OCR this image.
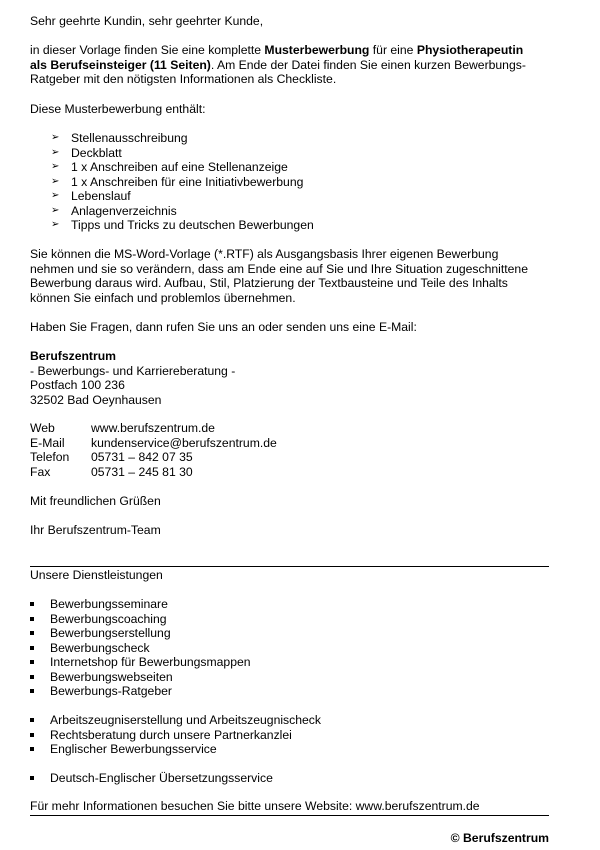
Sehr geehrte Kundin, sehr geehrter Kunde,
in dieser Vorlage finden Sie eine komplette Musterbewerbung für eine Physiotherapeutin
als Berufseinsteiger (11 Seiten). Am Ende der Datei finden Sie einen kurzen Bewerbungs-
Ratgeber mit den nötigsten Informationen als Checkliste.
Diese Musterbewerbung enthält:
➢ Stellenausschreibung
➢ Deckblatt
➢ 1 x Anschreiben auf eine Stellenanzeige
➢ 1 x Anschreiben für eine Initiativbewerbung
➢ Lebenslauf
➢ Anlagenverzeichnis
➢ Tipps und Tricks zu deutschen Bewerbungen
Sie können die MS-Word-Vorlage (*.RTF) als Ausgangsbasis Ihrer eigenen Bewerbung
nehmen und sie so verändern, dass am Ende eine auf Sie und Ihre Situation zugeschnittene
Bewerbung daraus wird. Aufbau, Stil, Platzierung der Textbausteine und Teile des Inhalts
können Sie einfach und problemlos übernehmen.
Haben Sie Fragen, dann rufen Sie uns an oder senden uns eine E-Mail:
Berufszentrum
- Bewerbungs- und Karriereberatung -
Postfach 100 236
32502 Bad Oeynhausen
Web	www.berufszentrum.de
E-Mail	kundenservice@berufszentrum.de
Telefon	05731 – 842 07 35
Fax	05731 – 245 81 30
Mit freundlichen Grüßen
Ihr Berufszentrum-Team
Unsere Dienstleistungen
Bewerbungsseminare
Bewerbungscoaching
Bewerbungserstellung
Bewerbungscheck
Internetshop für Bewerbungsmappen
Bewerbungswebseiten
Bewerbungs-Ratgeber
Arbeitszeugniserstellung und Arbeitszeugnischeck
Rechtsberatung durch unsere Partnerkanzlei
Englischer Bewerbungsservice
Deutsch-Englischer Übersetzungsservice
Für mehr Informationen besuchen Sie bitte unsere Website: www.berufszentrum.de
© Berufszentrum
